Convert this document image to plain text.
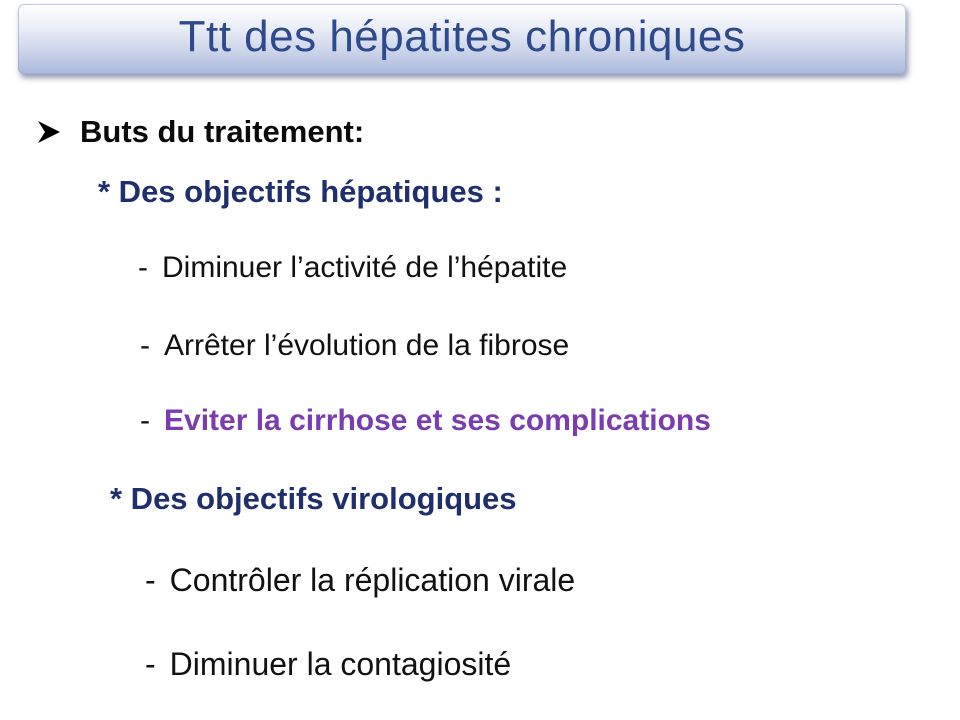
Ttt des hépatites chroniques
Buts du traitement:
* Des objectifs hépatiques :
- Diminuer l’activité de l’hépatite
- Arrêter l’évolution de la fibrose
- Eviter la cirrhose et ses complications
* Des objectifs virologiques
- Contrôler la réplication virale
- Diminuer la contagiosité
